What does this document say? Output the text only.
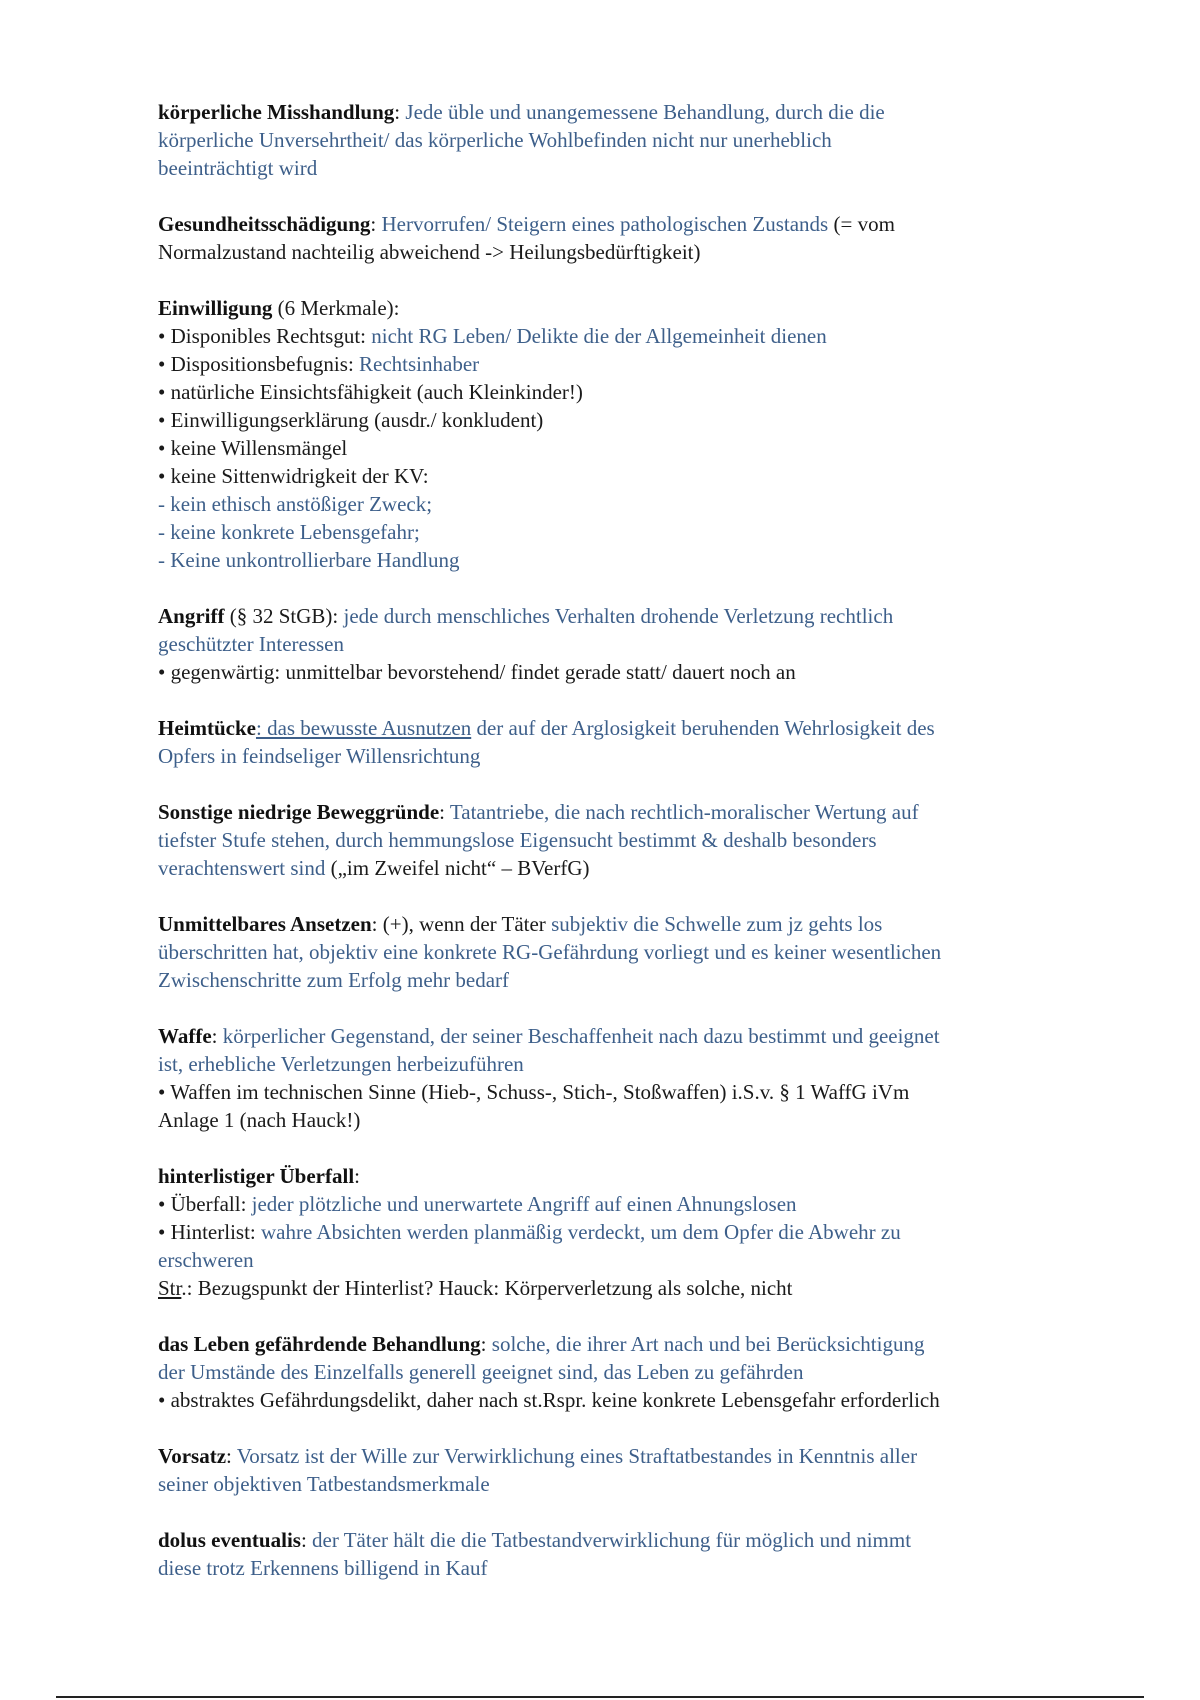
körperliche Misshandlung: Jede üble und unangemessene Behandlung, durch die die
körperliche Unversehrtheit/ das körperliche Wohlbefinden nicht nur unerheblich
beeinträchtigt wird
Gesundheitsschädigung: Hervorrufen/ Steigern eines pathologischen Zustands (= vom
Normalzustand nachteilig abweichend -> Heilungsbedürftigkeit)
Einwilligung (6 Merkmale):
• Disponibles Rechtsgut: nicht RG Leben/ Delikte die der Allgemeinheit dienen
• Dispositionsbefugnis: Rechtsinhaber
• natürliche Einsichtsfähigkeit (auch Kleinkinder!)
• Einwilligungserklärung (ausdr./ konkludent)
• keine Willensmängel
• keine Sittenwidrigkeit der KV:
- kein ethisch anstößiger Zweck;
- keine konkrete Lebensgefahr;
- Keine unkontrollierbare Handlung
Angriff (§ 32 StGB): jede durch menschliches Verhalten drohende Verletzung rechtlich
geschützter Interessen
• gegenwärtig: unmittelbar bevorstehend/ findet gerade statt/ dauert noch an
Heimtücke: das bewusste Ausnutzen der auf der Arglosigkeit beruhenden Wehrlosigkeit des
Opfers in feindseliger Willensrichtung
Sonstige niedrige Beweggründe: Tatantriebe, die nach rechtlich-moralischer Wertung auf
tiefster Stufe stehen, durch hemmungslose Eigensucht bestimmt & deshalb besonders
verachtenswert sind („im Zweifel nicht“ – BVerfG)
Unmittelbares Ansetzen: (+), wenn der Täter subjektiv die Schwelle zum jz gehts los
überschritten hat, objektiv eine konkrete RG-Gefährdung vorliegt und es keiner wesentlichen
Zwischenschritte zum Erfolg mehr bedarf
Waffe: körperlicher Gegenstand, der seiner Beschaffenheit nach dazu bestimmt und geeignet
ist, erhebliche Verletzungen herbeizuführen
• Waffen im technischen Sinne (Hieb-, Schuss-, Stich-, Stoßwaffen) i.S.v. § 1 WaffG iVm
Anlage 1 (nach Hauck!)
hinterlistiger Überfall:
• Überfall: jeder plötzliche und unerwartete Angriff auf einen Ahnungslosen
• Hinterlist: wahre Absichten werden planmäßig verdeckt, um dem Opfer die Abwehr zu
erschweren
Str.: Bezugspunkt der Hinterlist? Hauck: Körperverletzung als solche, nicht
das Leben gefährdende Behandlung: solche, die ihrer Art nach und bei Berücksichtigung
der Umstände des Einzelfalls generell geeignet sind, das Leben zu gefährden
• abstraktes Gefährdungsdelikt, daher nach st.Rspr. keine konkrete Lebensgefahr erforderlich
Vorsatz: Vorsatz ist der Wille zur Verwirklichung eines Straftatbestandes in Kenntnis aller
seiner objektiven Tatbestandsmerkmale
dolus eventualis: der Täter hält die die Tatbestandverwirklichung für möglich und nimmt
diese trotz Erkennens billigend in Kauf
